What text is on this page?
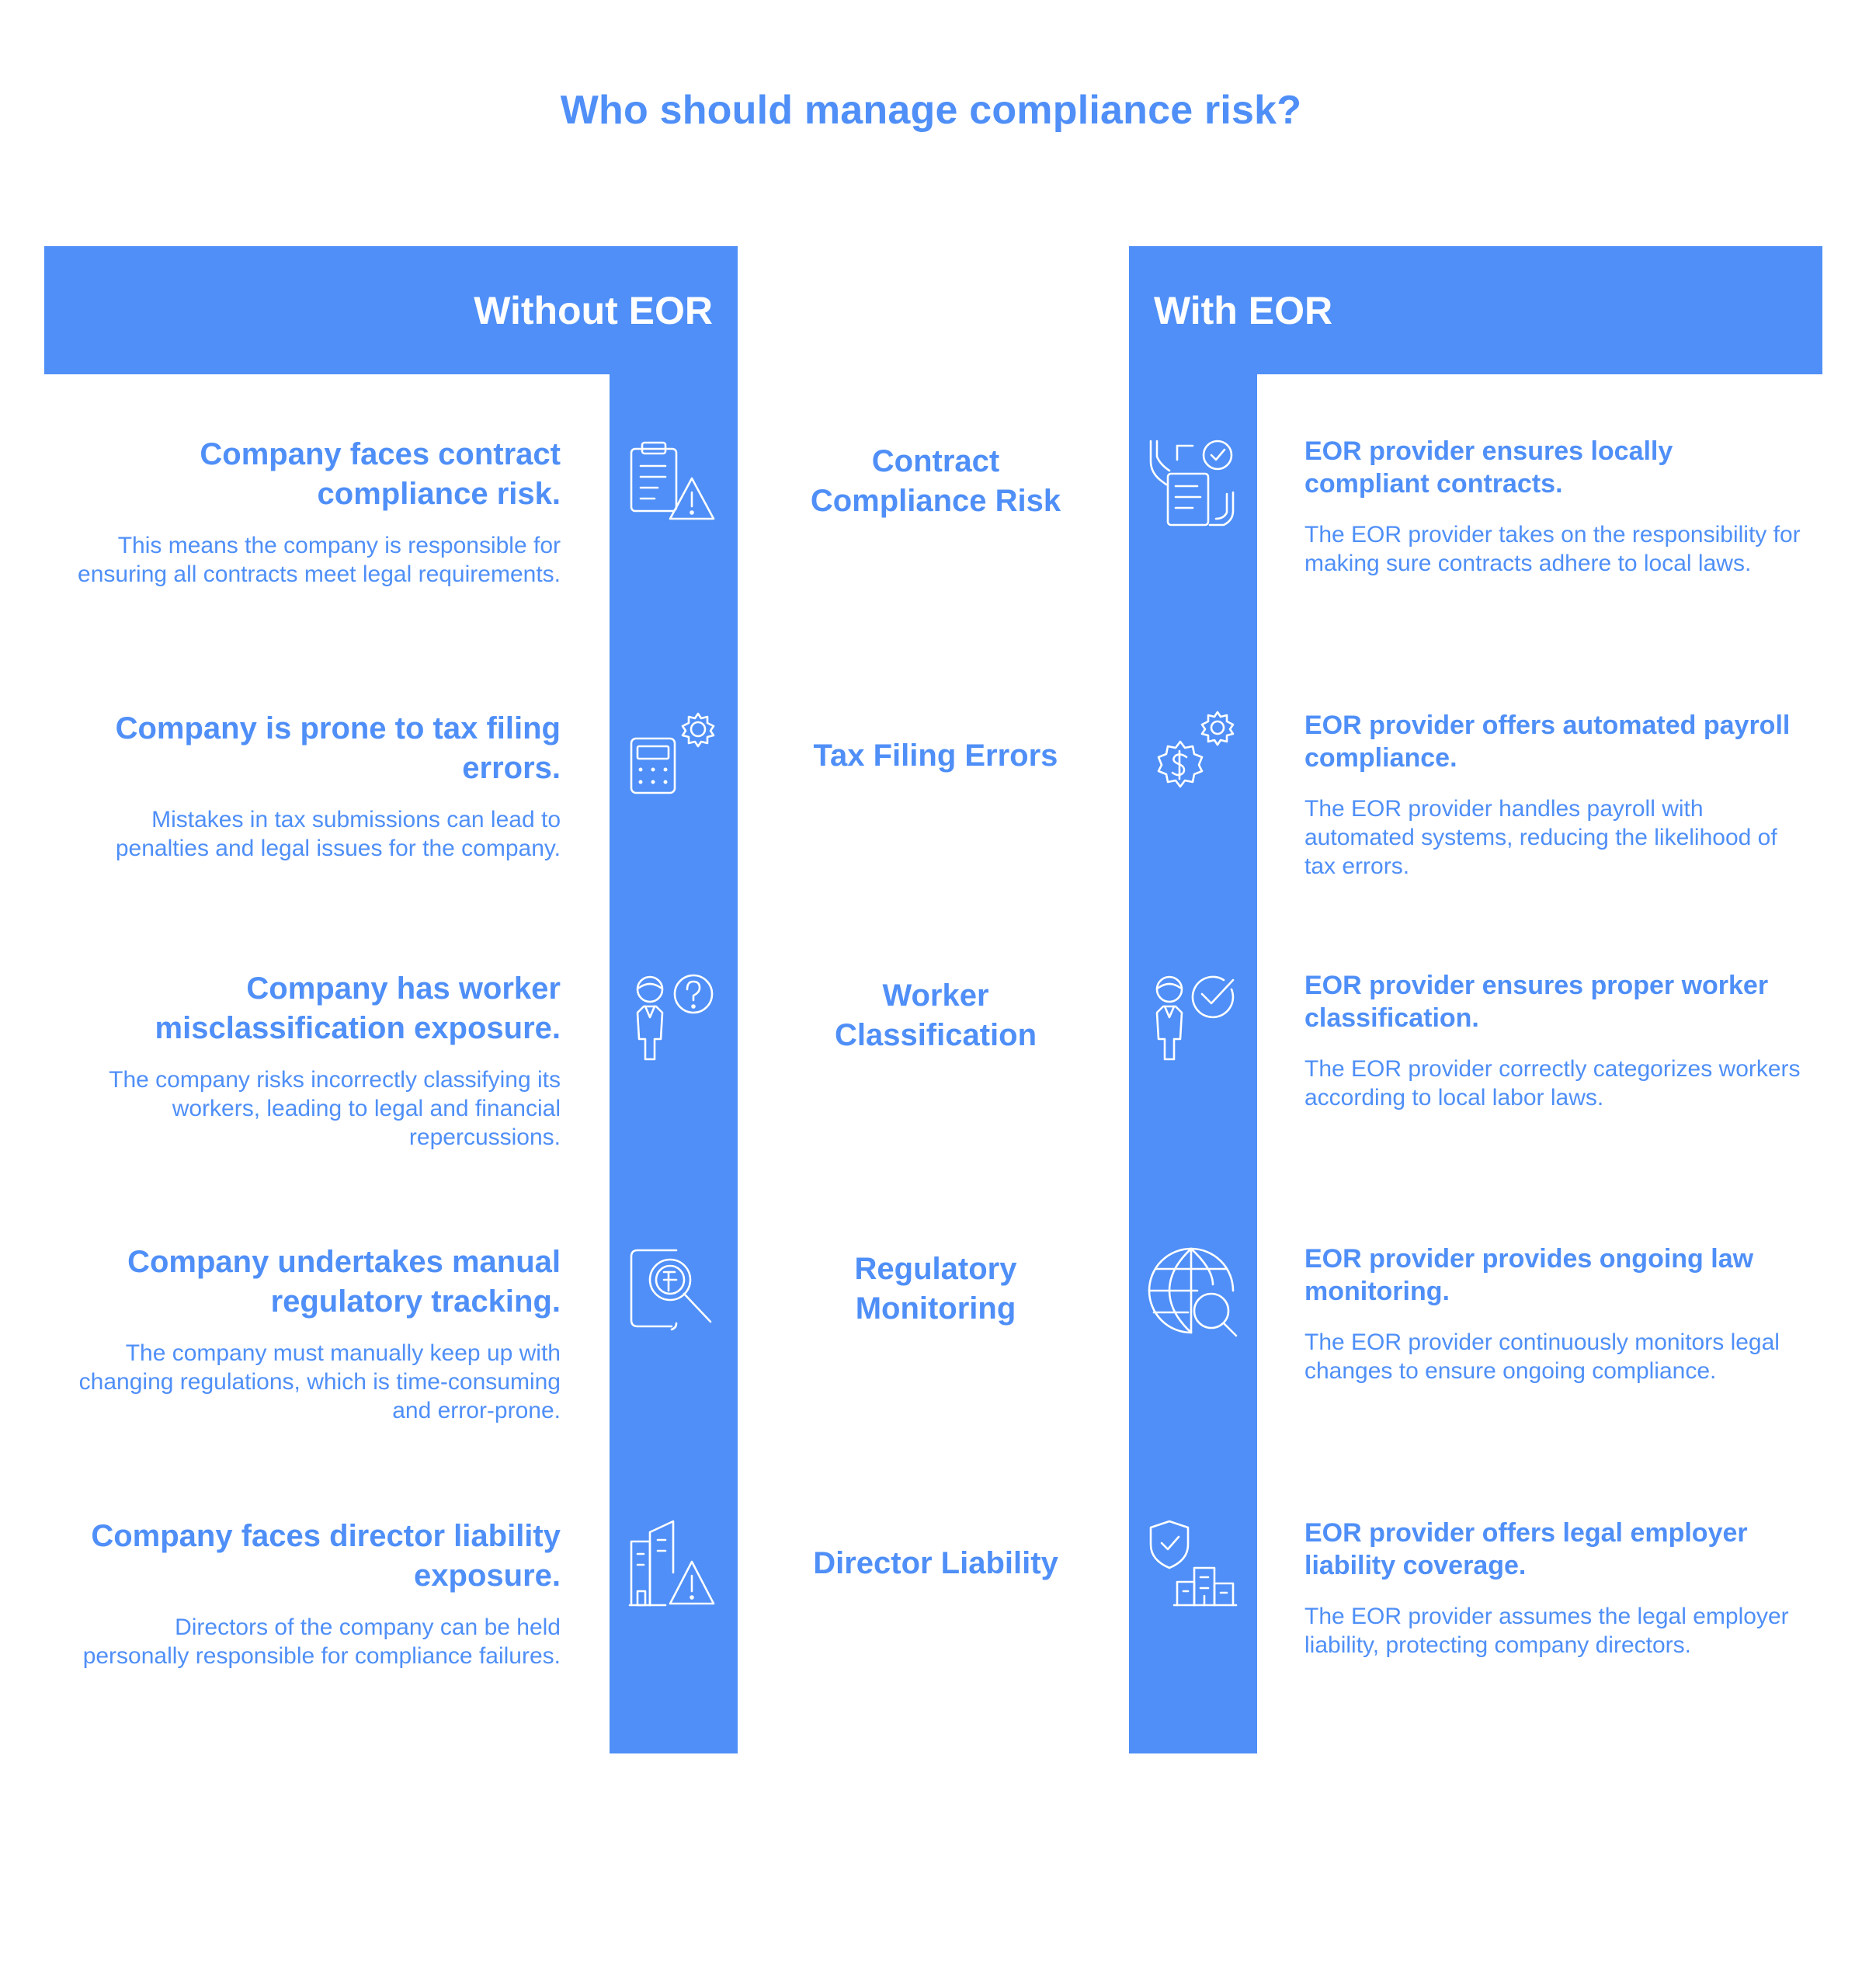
Who should manage compliance risk?
Without EOR	With EOR
Company faces contract compliance risk.
This means the company is responsible for ensuring all contracts meet legal requirements.
Contract Compliance Risk
EOR provider ensures locally compliant contracts.
The EOR provider takes on the responsibility for making sure contracts adhere to local laws.
Company is prone to tax filing errors.
Mistakes in tax submissions can lead to penalties and legal issues for the company.
Tax Filing Errors
EOR provider offers automated payroll compliance.
The EOR provider handles payroll with automated systems, reducing the likelihood of tax errors.
Company has worker misclassification exposure.
The company risks incorrectly classifying its workers, leading to legal and financial repercussions.
Worker Classification
EOR provider ensures proper worker classification.
The EOR provider correctly categorizes workers according to local labor laws.
Company undertakes manual regulatory tracking.
The company must manually keep up with changing regulations, which is time-consuming and error-prone.
Regulatory Monitoring
EOR provider provides ongoing law monitoring.
The EOR provider continuously monitors legal changes to ensure ongoing compliance.
Company faces director liability exposure.
Directors of the company can be held personally responsible for compliance failures.
Director Liability
EOR provider offers legal employer liability coverage.
The EOR provider assumes the legal employer liability, protecting company directors.
